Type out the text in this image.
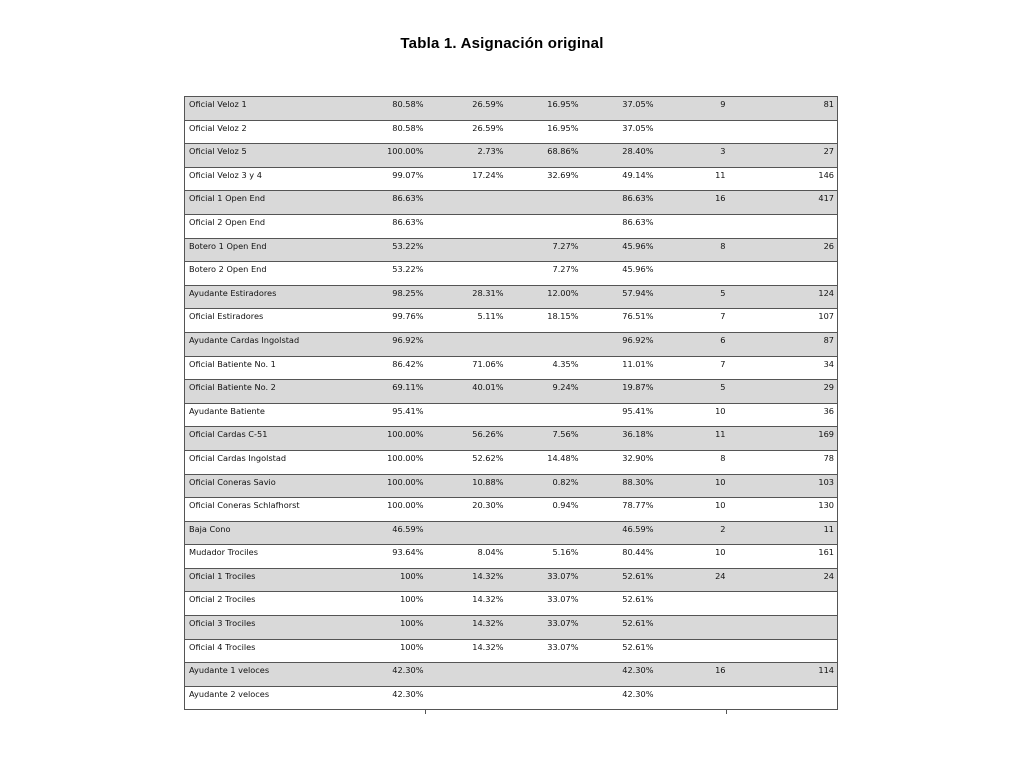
Tabla 1. Asignación original
Oficial Veloz 1	80.58%	26.59%	16.95%	37.05%	9	81
Oficial Veloz 2	80.58%	26.59%	16.95%	37.05%		
Oficial Veloz 5	100.00%	2.73%	68.86%	28.40%	3	27
Oficial Veloz 3 y 4	99.07%	17.24%	32.69%	49.14%	11	146
Oficial 1 Open End	86.63%			86.63%	16	417
Oficial 2 Open End	86.63%			86.63%		
Botero 1 Open End	53.22%		7.27%	45.96%	8	26
Botero 2 Open End	53.22%		7.27%	45.96%		
Ayudante Estiradores	98.25%	28.31%	12.00%	57.94%	5	124
Oficial Estiradores	99.76%	5.11%	18.15%	76.51%	7	107
Ayudante Cardas Ingolstad	96.92%			96.92%	6	87
Oficial Batiente No. 1	86.42%	71.06%	4.35%	11.01%	7	34
Oficial Batiente No. 2	69.11%	40.01%	9.24%	19.87%	5	29
Ayudante Batiente	95.41%			95.41%	10	36
Oficial Cardas C-51	100.00%	56.26%	7.56%	36.18%	11	169
Oficial Cardas Ingolstad	100.00%	52.62%	14.48%	32.90%	8	78
Oficial Coneras Savio	100.00%	10.88%	0.82%	88.30%	10	103
Oficial Coneras Schlafhorst	100.00%	20.30%	0.94%	78.77%	10	130
Baja Cono	46.59%			46.59%	2	11
Mudador Trociles	93.64%	8.04%	5.16%	80.44%	10	161
Oficial 1 Trociles	100%	14.32%	33.07%	52.61%	24	24
Oficial 2 Trociles	100%	14.32%	33.07%	52.61%		
Oficial 3 Trociles	100%	14.32%	33.07%	52.61%		
Oficial 4 Trociles	100%	14.32%	33.07%	52.61%		
Ayudante 1 veloces	42.30%			42.30%	16	114
Ayudante 2 veloces	42.30%			42.30%		
